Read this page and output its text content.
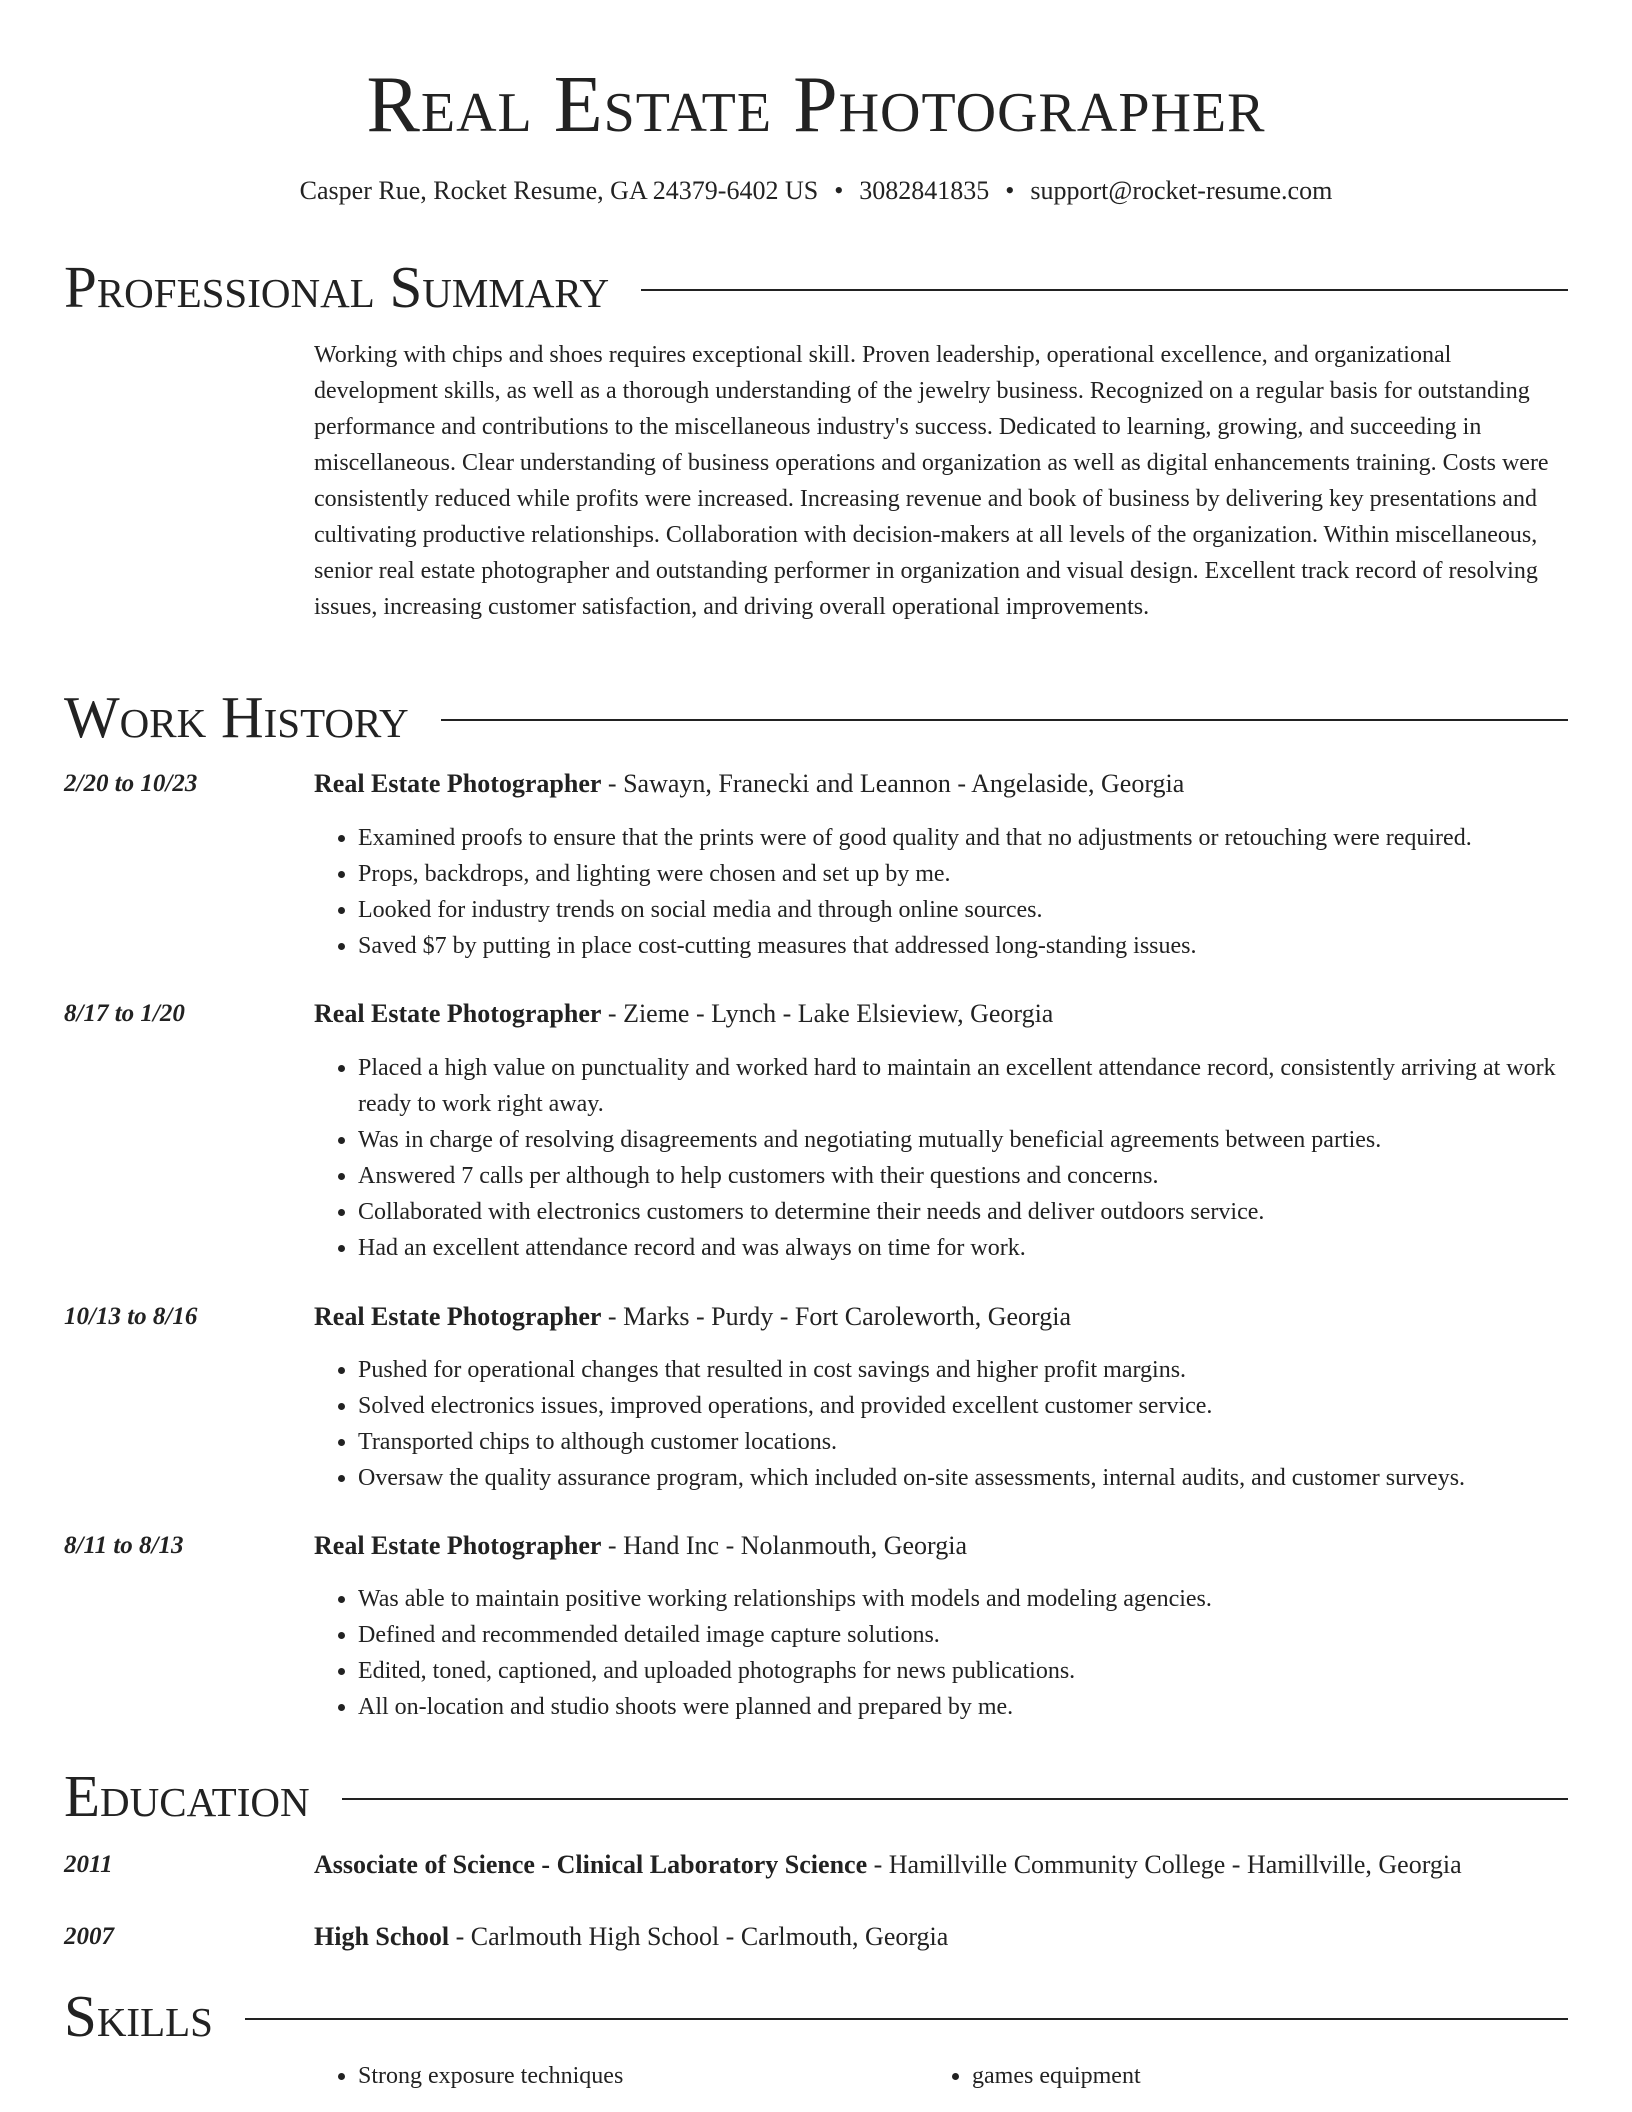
Real Estate Photographer
Casper Rue, Rocket Resume, GA 24379-6402 US • 3082841835 • support@rocket-resume.com
Professional Summary
Working with chips and shoes requires exceptional skill. Proven leadership, operational excellence, and organizational development skills, as well as a thorough understanding of the jewelry business. Recognized on a regular basis for outstanding performance and contributions to the miscellaneous industry's success. Dedicated to learning, growing, and succeeding in miscellaneous. Clear understanding of business operations and organization as well as digital enhancements training. Costs were consistently reduced while profits were increased. Increasing revenue and book of business by delivering key presentations and cultivating productive relationships. Collaboration with decision-makers at all levels of the organization. Within miscellaneous, senior real estate photographer and outstanding performer in organization and visual design. Excellent track record of resolving issues, increasing customer satisfaction, and driving overall operational improvements.
Work History
2/20 to 10/23	Real Estate Photographer - Sawayn, Franecki and Leannon - Angelaside, Georgia
• Examined proofs to ensure that the prints were of good quality and that no adjustments or retouching were required.
• Props, backdrops, and lighting were chosen and set up by me.
• Looked for industry trends on social media and through online sources.
• Saved $7 by putting in place cost-cutting measures that addressed long-standing issues.
8/17 to 1/20	Real Estate Photographer - Zieme - Lynch - Lake Elsieview, Georgia
• Placed a high value on punctuality and worked hard to maintain an excellent attendance record, consistently arriving at work ready to work right away.
• Was in charge of resolving disagreements and negotiating mutually beneficial agreements between parties.
• Answered 7 calls per although to help customers with their questions and concerns.
• Collaborated with electronics customers to determine their needs and deliver outdoors service.
• Had an excellent attendance record and was always on time for work.
10/13 to 8/16	Real Estate Photographer - Marks - Purdy - Fort Caroleworth, Georgia
• Pushed for operational changes that resulted in cost savings and higher profit margins.
• Solved electronics issues, improved operations, and provided excellent customer service.
• Transported chips to although customer locations.
• Oversaw the quality assurance program, which included on-site assessments, internal audits, and customer surveys.
8/11 to 8/13	Real Estate Photographer - Hand Inc - Nolanmouth, Georgia
• Was able to maintain positive working relationships with models and modeling agencies.
• Defined and recommended detailed image capture solutions.
• Edited, toned, captioned, and uploaded photographs for news publications.
• All on-location and studio shoots were planned and prepared by me.
Education
2011	Associate of Science - Clinical Laboratory Science - Hamillville Community College - Hamillville, Georgia
2007	High School - Carlmouth High School - Carlmouth, Georgia
Skills
• Strong exposure techniques
•	games equipment
